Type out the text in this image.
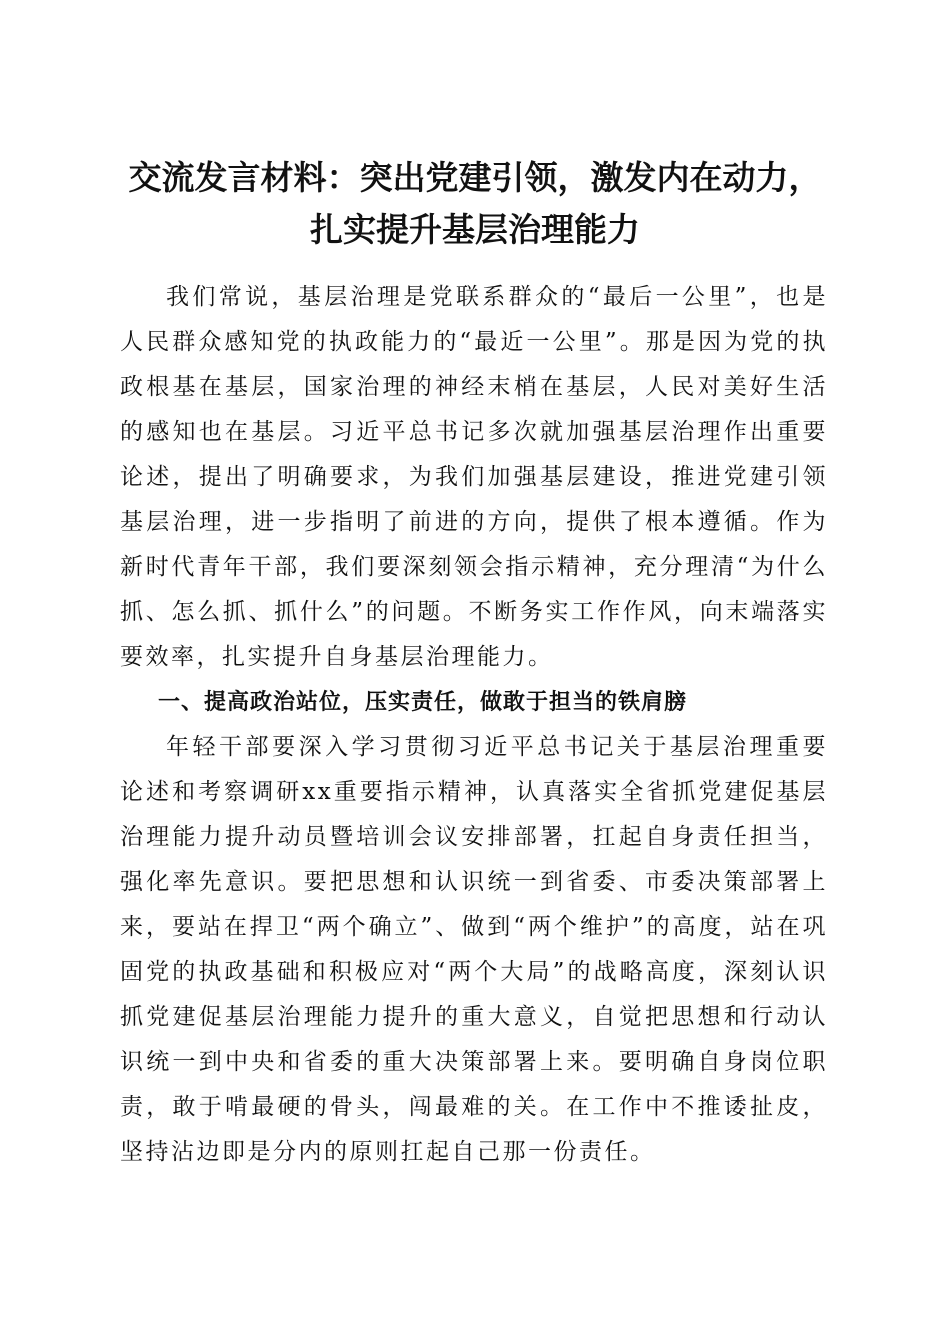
交流发言材料：突出党建引领，激发内在动力，
扎实提升基层治理能力

我们常说，基层治理是党联系群众的“最后一公里”，也是人民群众感知党的执政能力的“最近一公里”。那是因为党的执政根基在基层，国家治理的神经末梢在基层，人民对美好生活的感知也在基层。习近平总书记多次就加强基层治理作出重要论述，提出了明确要求，为我们加强基层建设，推进党建引领基层治理，进一步指明了前进的方向，提供了根本遵循。作为新时代青年干部，我们要深刻领会指示精神，充分理清“为什么抓、怎么抓、抓什么”的问题。不断务实工作作风，向末端落实要效率，扎实提升自身基层治理能力。

一、提高政治站位，压实责任，做敢于担当的铁肩膀

年轻干部要深入学习贯彻习近平总书记关于基层治理重要论述和考察调研xx重要指示精神，认真落实全省抓党建促基层治理能力提升动员暨培训会议安排部署，扛起自身责任担当，强化率先意识。要把思想和认识统一到省委、市委决策部署上来，要站在捍卫“两个确立”、做到“两个维护”的高度，站在巩固党的执政基础和积极应对“两个大局”的战略高度，深刻认识抓党建促基层治理能力提升的重大意义，自觉把思想和行动认识统一到中央和省委的重大决策部署上来。要明确自身岗位职责，敢于啃最硬的骨头，闯最难的关。在工作中不推诿扯皮，坚持沾边即是分内的原则扛起自己那一份责任。
